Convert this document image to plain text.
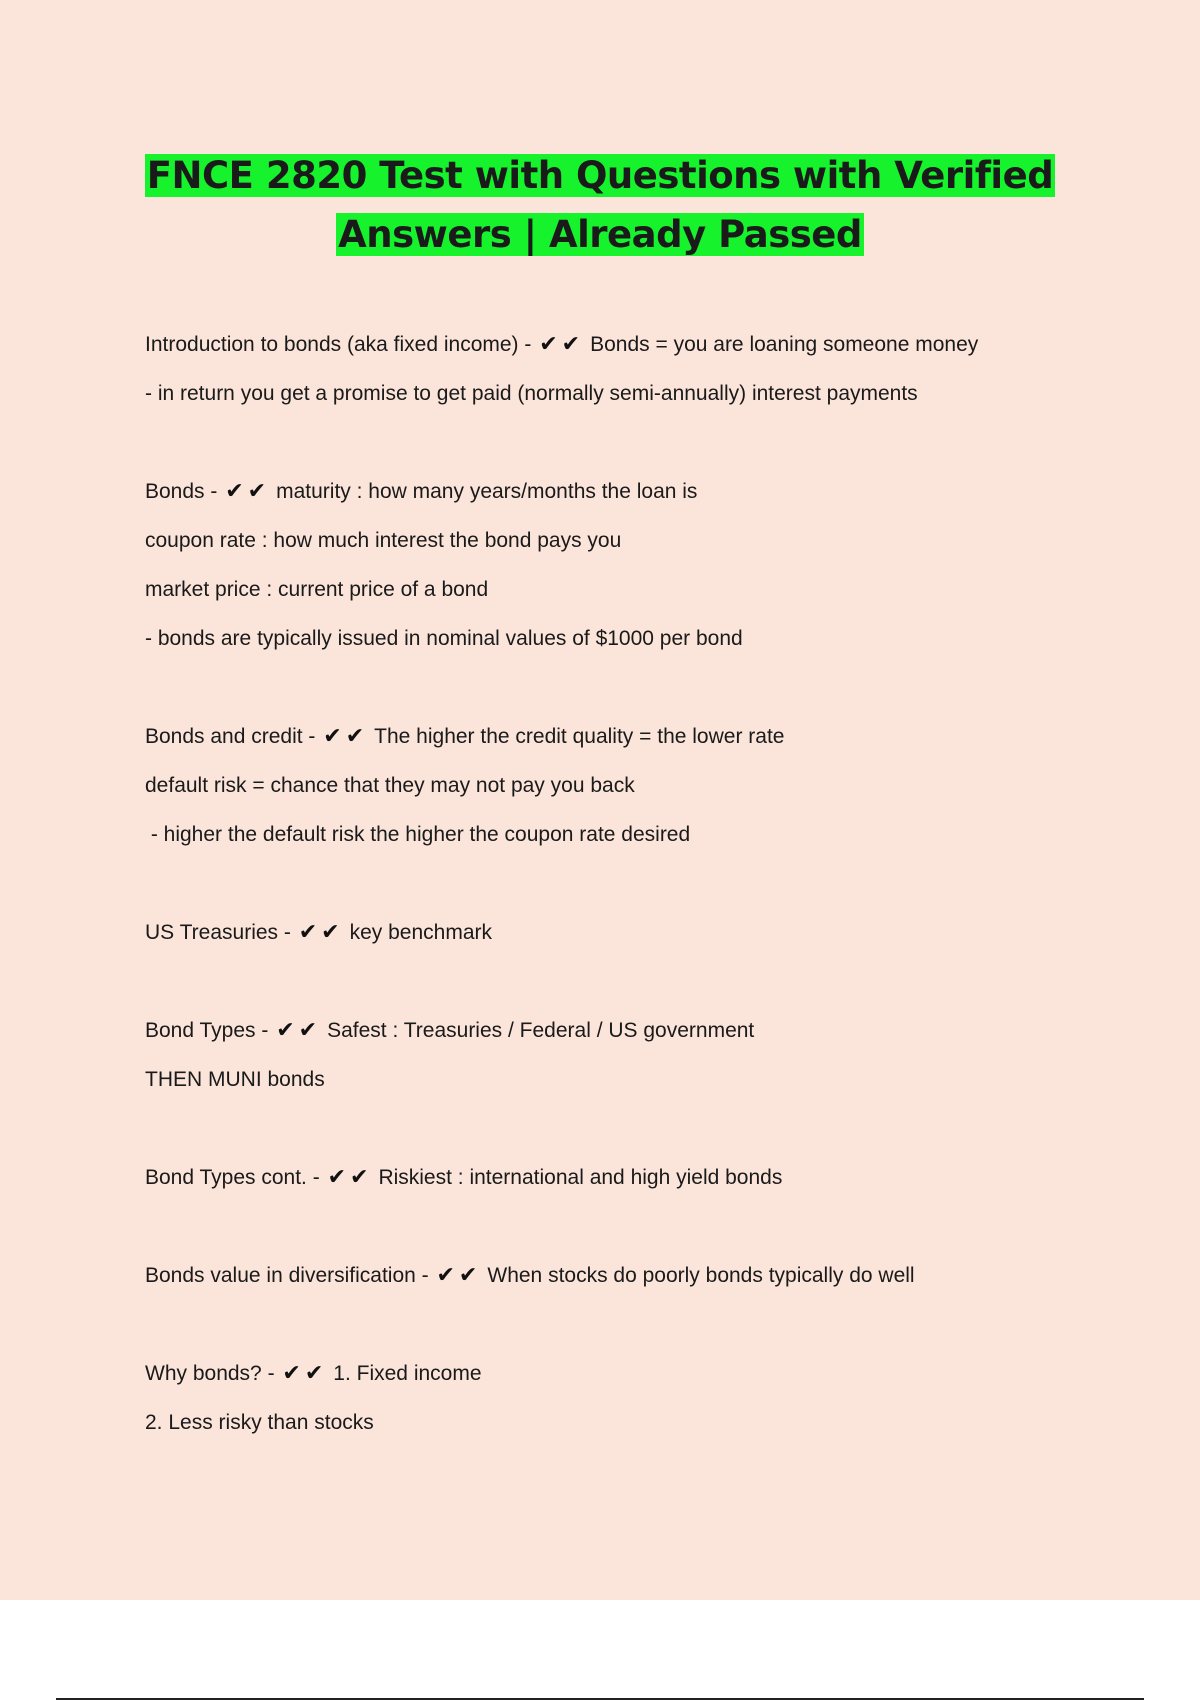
FNCE 2820 Test with Questions with Verified
Answers | Already Passed
Introduction to bonds (aka fixed income) - ✔✔ Bonds = you are loaning someone money
- in return you get a promise to get paid (normally semi-annually) interest payments
Bonds - ✔✔ maturity : how many years/months the loan is
coupon rate : how much interest the bond pays you
market price : current price of a bond
- bonds are typically issued in nominal values of $1000 per bond
Bonds and credit - ✔✔ The higher the credit quality = the lower rate
default risk = chance that they may not pay you back
- higher the default risk the higher the coupon rate desired
US Treasuries - ✔✔ key benchmark
Bond Types - ✔✔ Safest : Treasuries / Federal / US government
THEN MUNI bonds
Bond Types cont. - ✔✔ Riskiest : international and high yield bonds
Bonds value in diversification - ✔✔ When stocks do poorly bonds typically do well
Why bonds? - ✔✔ 1. Fixed income
2. Less risky than stocks
